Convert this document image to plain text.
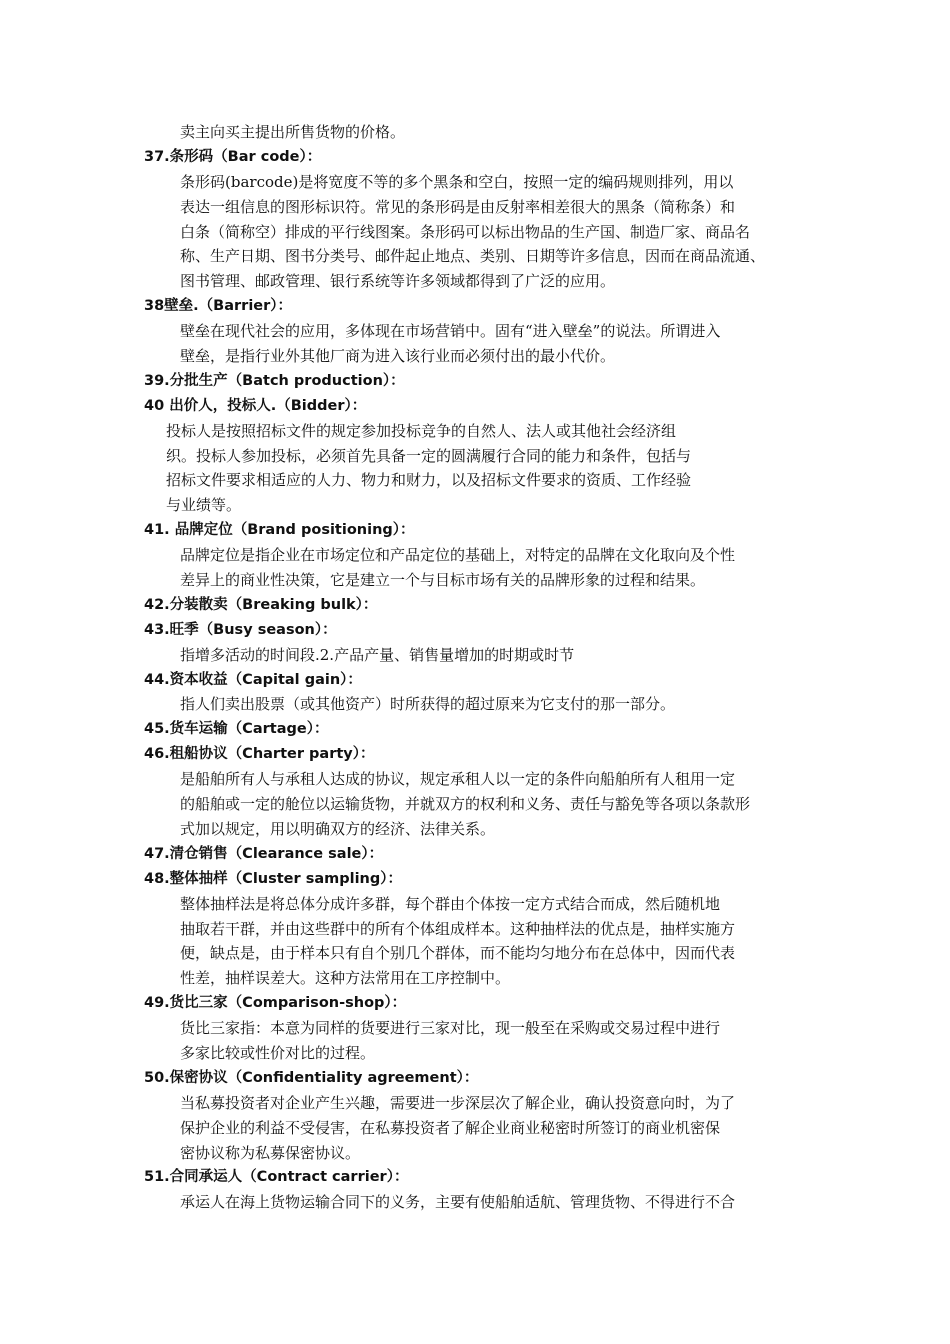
卖主向买主提出所售货物的价格。
37.条形码（Bar code）：
条形码(barcode)是将宽度不等的多个黑条和空白，按照一定的编码规则排列，用以
表达一组信息的图形标识符。常见的条形码是由反射率相差很大的黑条（简称条）和
白条（简称空）排成的平行线图案。条形码可以标出物品的生产国、制造厂家、商品名
称、生产日期、图书分类号、邮件起止地点、类别、日期等许多信息，因而在商品流通、
图书管理、邮政管理、银行系统等许多领域都得到了广泛的应用。
38壁垒.（Barrier）：
壁垒在现代社会的应用，多体现在市场营销中。固有“进入壁垒”的说法。所谓进入
壁垒，是指行业外其他厂商为进入该行业而必须付出的最小代价。
39.分批生产（Batch production）：
40 出价人，投标人.（Bidder）：
投标人是按照招标文件的规定参加投标竞争的自然人、法人或其他社会经济组
织。投标人参加投标，必须首先具备一定的圆满履行合同的能力和条件，包括与
招标文件要求相适应的人力、物力和财力，以及招标文件要求的资质、工作经验
与业绩等。
41. 品牌定位（Brand positioning）：
品牌定位是指企业在市场定位和产品定位的基础上，对特定的品牌在文化取向及个性
差异上的商业性决策，它是建立一个与目标市场有关的品牌形象的过程和结果。
42.分装散卖（Breaking bulk）：
43.旺季（Busy season）：
指增多活动的时间段.2.产品产量、销售量增加的时期或时节
44.资本收益（Capital gain）：
指人们卖出股票（或其他资产）时所获得的超过原来为它支付的那一部分。
45.货车运输（Cartage）：
46.租船协议（Charter party）：
是船舶所有人与承租人达成的协议，规定承租人以一定的条件向船舶所有人租用一定
的船舶或一定的舱位以运输货物，并就双方的权利和义务、责任与豁免等各项以条款形
式加以规定，用以明确双方的经济、法律关系。
47.清仓销售（Clearance sale）：
48.整体抽样（Cluster sampling）：
整体抽样法是将总体分成许多群，每个群由个体按一定方式结合而成，然后随机地
抽取若干群，并由这些群中的所有个体组成样本。这种抽样法的优点是，抽样实施方
便，缺点是，由于样本只有自个别几个群体，而不能均匀地分布在总体中，因而代表
性差，抽样误差大。这种方法常用在工序控制中。
49.货比三家（Comparison-shop）：
货比三家指：本意为同样的货要进行三家对比，现一般至在采购或交易过程中进行
多家比较或性价对比的过程。
50.保密协议（Confidentiality agreement）：
当私募投资者对企业产生兴趣，需要进一步深层次了解企业，确认投资意向时，为了
保护企业的利益不受侵害，在私募投资者了解企业商业秘密时所签订的商业机密保
密协议称为私募保密协议。
51.合同承运人（Contract carrier）：
承运人在海上货物运输合同下的义务，主要有使船舶适航、管理货物、不得进行不合
